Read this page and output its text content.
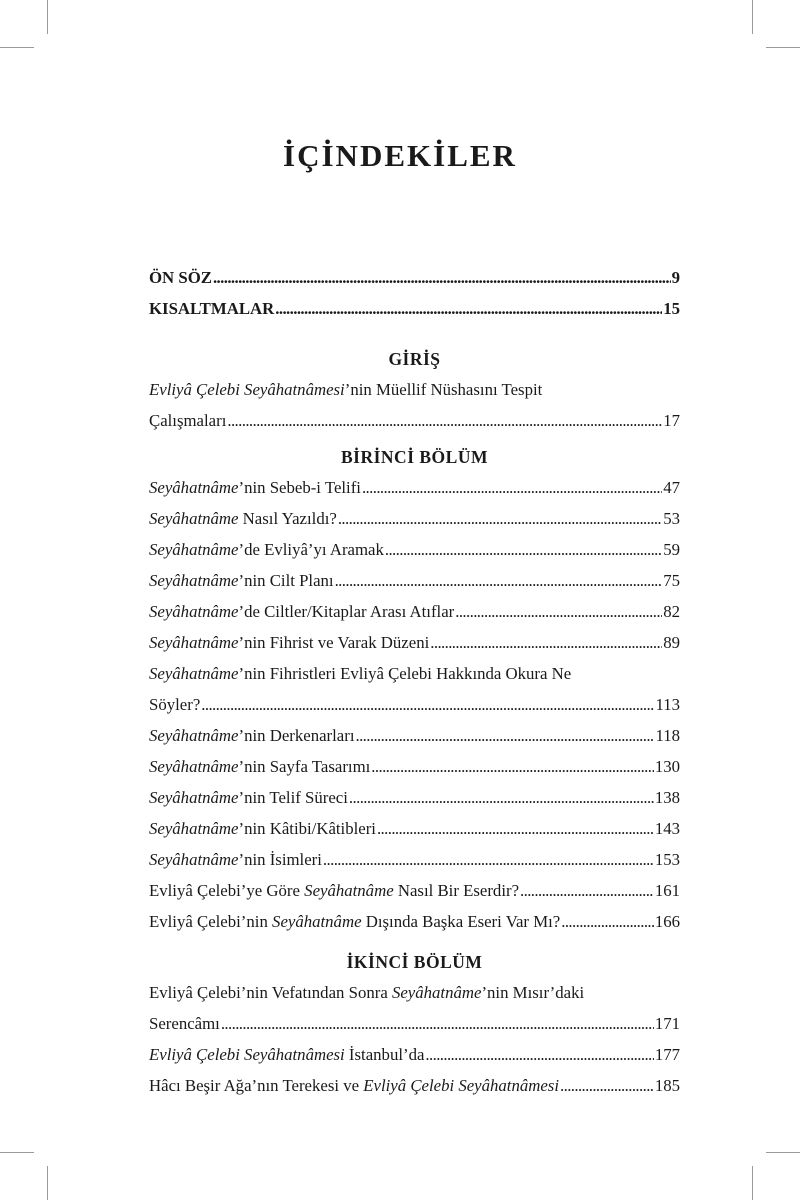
İÇİNDEKİLER
ÖN SÖZ . . .	9
KISALTMALAR . . .	15
GİRİŞ
Evliyâ Çelebi Seyâhatnâmesi’nin Müellif Nüshasını Tespit
Çalışmaları . . .	17
BİRİNCİ BÖLÜM
Seyâhatnâme’nin Sebeb-i Telifi . . .	47
Seyâhatnâme Nasıl Yazıldı? . . .	53
Seyâhatnâme’de Evliyâ’yı Aramak . . .	59
Seyâhatnâme’nin Cilt Planı . . .	75
Seyâhatnâme’de Ciltler/Kitaplar Arası Atıflar . . .	82
Seyâhatnâme’nin Fihrist ve Varak Düzeni . . .	89
Seyâhatnâme’nin Fihristleri Evliyâ Çelebi Hakkında Okura Ne
Söyler? . . .	113
Seyâhatnâme’nin Derkenarları . . .	118
Seyâhatnâme’nin Sayfa Tasarımı . . .	130
Seyâhatnâme’nin Telif Süreci . . .	138
Seyâhatnâme’nin Kâtibi/Kâtibleri . . .	143
Seyâhatnâme’nin İsimleri . . .	153
Evliyâ Çelebi’ye Göre Seyâhatnâme Nasıl Bir Eserdir? . . .	161
Evliyâ Çelebi’nin Seyâhatnâme Dışında Başka Eseri Var Mı? . . .	166
İKİNCİ BÖLÜM
Evliyâ Çelebi’nin Vefatından Sonra Seyâhatnâme’nin Mısır’daki
Serencâmı . . .	171
Evliyâ Çelebi Seyâhatnâmesi İstanbul’da . . .	177
Hâcı Beşir Ağa’nın Terekesi ve Evliyâ Çelebi Seyâhatnâmesi . . .	185
